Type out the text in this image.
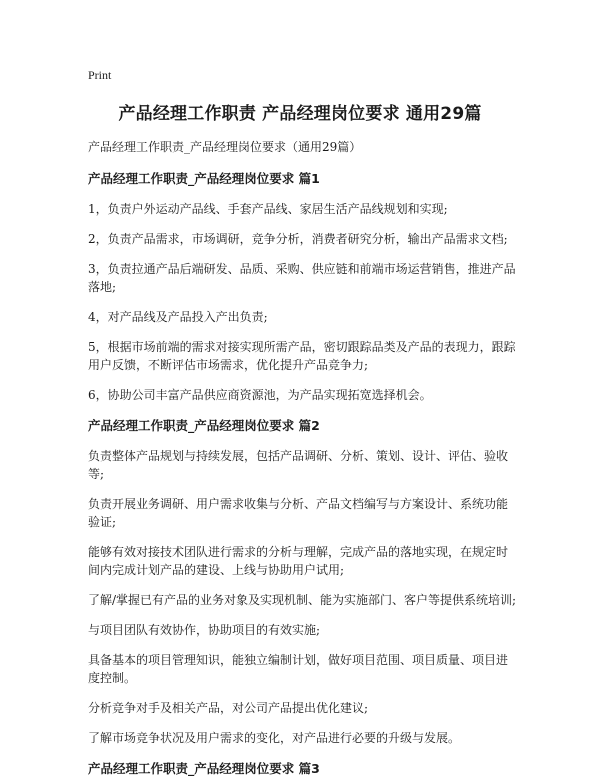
Print
产品经理工作职责 产品经理岗位要求 通用29篇
产品经理工作职责_产品经理岗位要求（通用29篇）
产品经理工作职责_产品经理岗位要求 篇1

1，负责户外运动产品线、手套产品线、家居生活产品线规划和实现;

2，负责产品需求，市场调研，竞争分析，消费者研究分析，输出产品需求文档;

3，负责拉通产品后端研发、品质、采购、供应链和前端市场运营销售，推进产品落地;

4，对产品线及产品投入产出负责;

5，根据市场前端的需求对接实现所需产品，密切跟踪品类及产品的表现力，跟踪用户反馈，不断评估市场需求，优化提升产品竞争力;

6，协助公司丰富产品供应商资源池，为产品实现拓宽选择机会。

产品经理工作职责_产品经理岗位要求 篇2

负责整体产品规划与持续发展，包括产品调研、分析、策划、设计、评估、验收等;

负责开展业务调研、用户需求收集与分析、产品文档编写与方案设计、系统功能验证;

能够有效对接技术团队进行需求的分析与理解，完成产品的落地实现，在规定时间内完成计划产品的建设、上线与协助用户试用;

了解/掌握已有产品的业务对象及实现机制、能为实施部门、客户等提供系统培训;

与项目团队有效协作，协助项目的有效实施;

具备基本的项目管理知识，能独立编制计划，做好项目范围、项目质量、项目进度控制。

分析竞争对手及相关产品，对公司产品提出优化建议;

了解市场竞争状况及用户需求的变化，对产品进行必要的升级与发展。

产品经理工作职责_产品经理岗位要求 篇3
